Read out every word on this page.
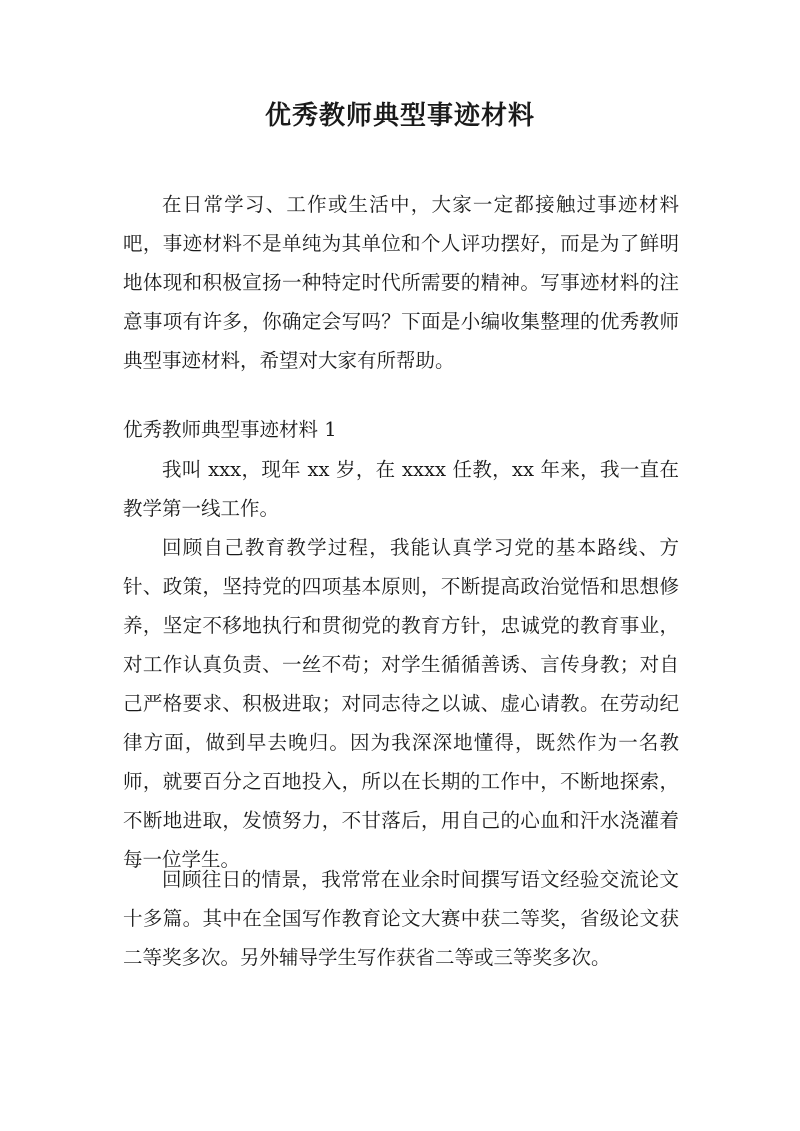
优秀教师典型事迹材料

在日常学习、工作或生活中，大家一定都接触过事迹材料吧，事迹材料不是单纯为其单位和个人评功摆好，而是为了鲜明地体现和积极宣扬一种特定时代所需要的精神。写事迹材料的注意事项有许多，你确定会写吗？下面是小编收集整理的优秀教师典型事迹材料，希望对大家有所帮助。

优秀教师典型事迹材料 1

我叫 xxx，现年 xx 岁，在 xxxx 任教，xx 年来，我一直在教学第一线工作。

回顾自己教育教学过程，我能认真学习党的基本路线、方针、政策，坚持党的四项基本原则，不断提高政治觉悟和思想修养，坚定不移地执行和贯彻党的教育方针，忠诚党的教育事业，对工作认真负责、一丝不苟；对学生循循善诱、言传身教；对自己严格要求、积极进取；对同志待之以诚、虚心请教。在劳动纪律方面，做到早去晚归。因为我深深地懂得，既然作为一名教师，就要百分之百地投入，所以在长期的工作中，不断地探索，不断地进取，发愤努力，不甘落后，用自己的心血和汗水浇灌着每一位学生。

回顾往日的情景，我常常在业余时间撰写语文经验交流论文十多篇。其中在全国写作教育论文大赛中获二等奖，省级论文获二等奖多次。另外辅导学生写作获省二等或三等奖多次。
